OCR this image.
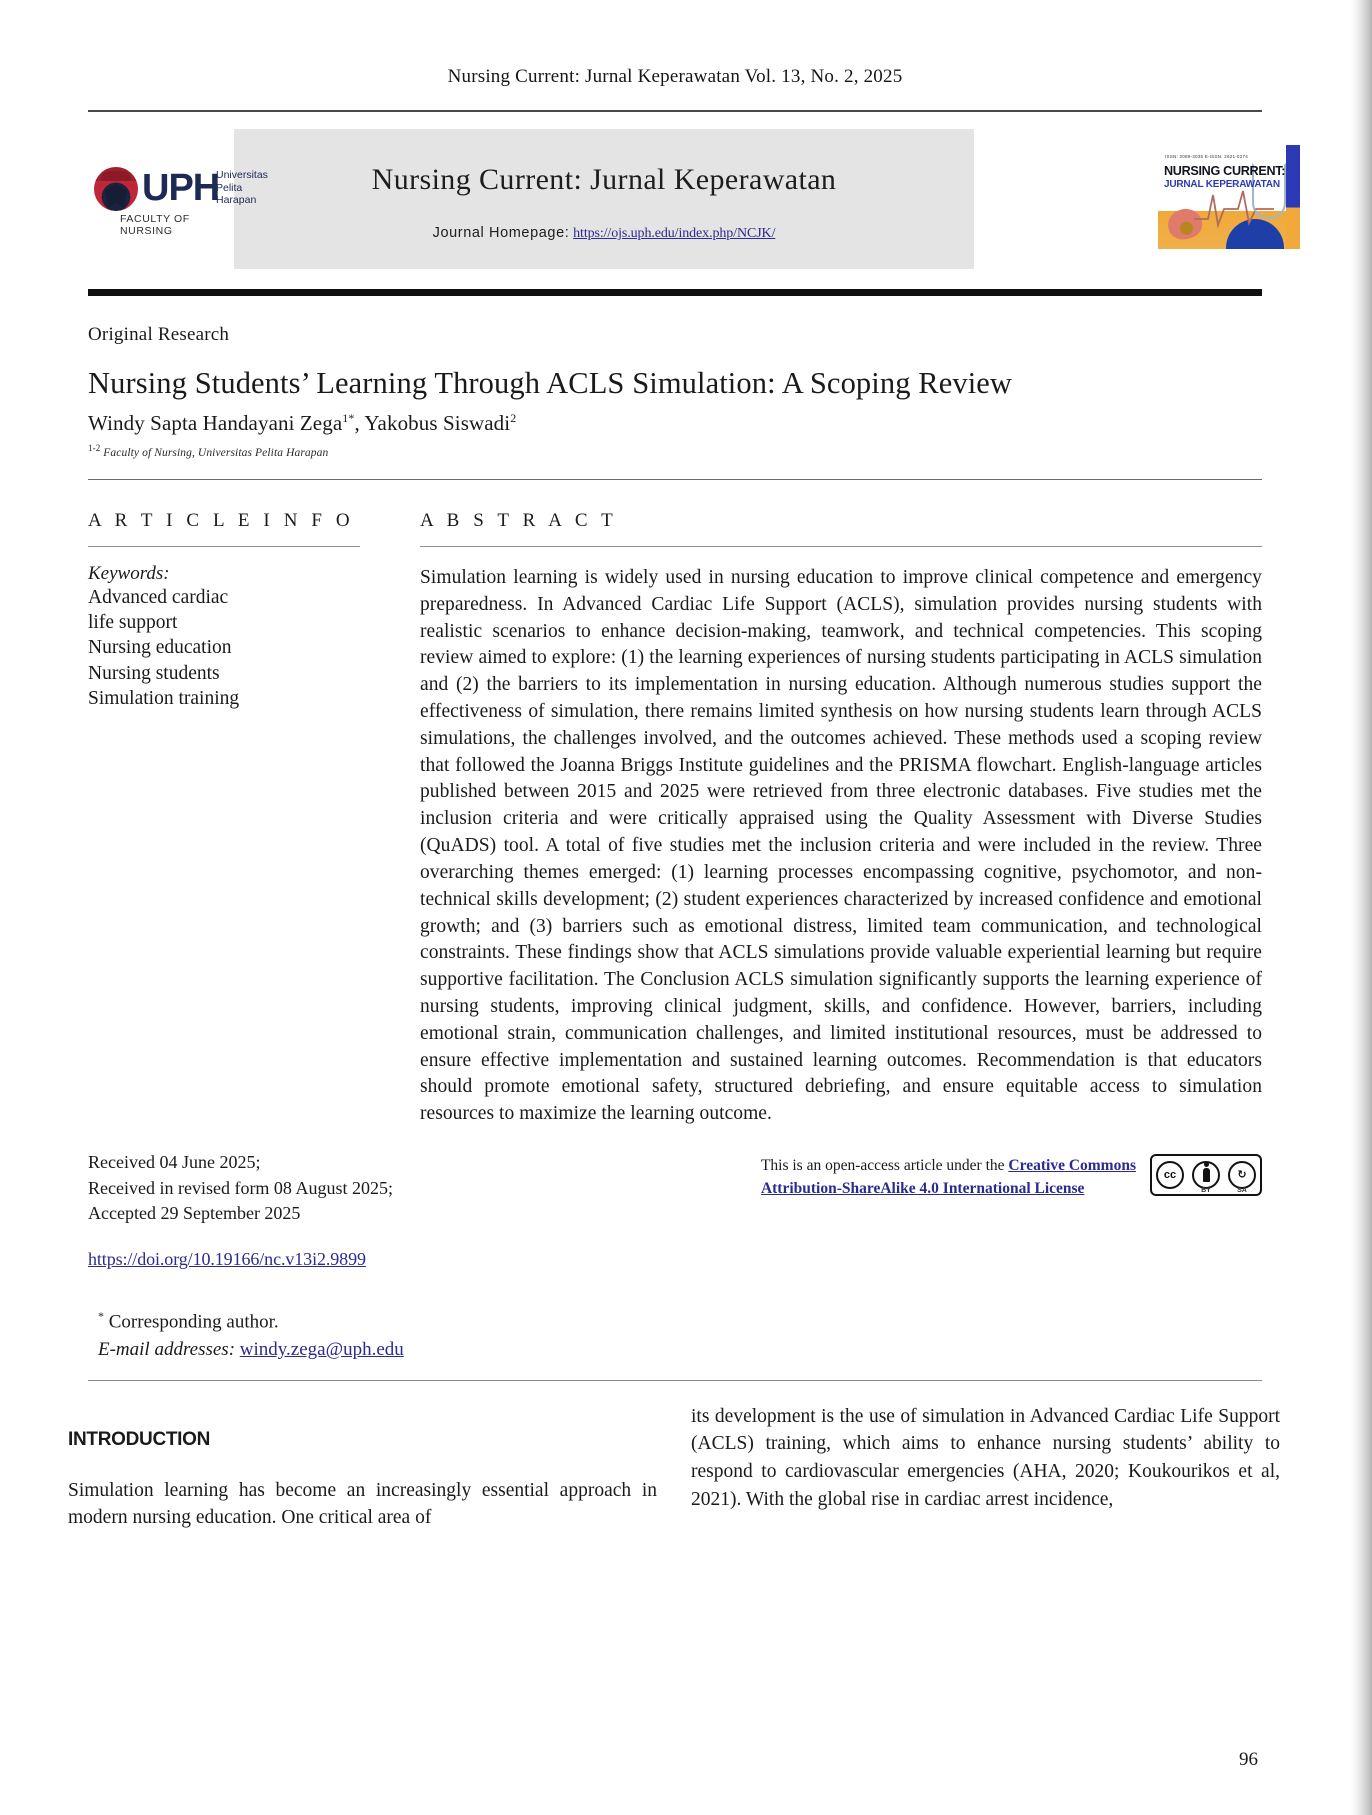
Nursing Current: Jurnal Keperawatan Vol. 13, No. 2, 2025
UPH
Universitas
Pelita
Harapan
FACULTY OF NURSING
Nursing Current: Jurnal Keperawatan
Journal Homepage: https://ojs.uph.edu/index.php/NCJK/
ISSN: 2089-3035 E-ISSN: 2621-0274
NURSING CURRENT:
JURNAL KEPERAWATAN
Original Research
Nursing Students’ Learning Through ACLS Simulation: A Scoping Review
Windy Sapta Handayani Zega$^{1*}$, Yakobus Siswadi$^2$
$^{1-2}$ Faculty of Nursing, Universitas Pelita Harapan
A R T I C L E I N F O
Keywords:
Advanced cardiac
life support
Nursing education
Nursing students
Simulation training
A B S T R A C T
Simulation learning is widely used in nursing education to improve clinical competence and emergency preparedness. In Advanced Cardiac Life Support (ACLS), simulation provides nursing students with realistic scenarios to enhance decision-making, teamwork, and technical competencies. This scoping review aimed to explore: (1) the learning experiences of nursing students participating in ACLS simulation and (2) the barriers to its implementation in nursing education. Although numerous studies support the effectiveness of simulation, there remains limited synthesis on how nursing students learn through ACLS simulations, the challenges involved, and the outcomes achieved. These methods used a scoping review that followed the Joanna Briggs Institute guidelines and the PRISMA flowchart. English-language articles published between 2015 and 2025 were retrieved from three electronic databases. Five studies met the inclusion criteria and were critically appraised using the Quality Assessment with Diverse Studies (QuADS) tool. A total of five studies met the inclusion criteria and were included in the review. Three overarching themes emerged: (1) learning processes encompassing cognitive, psychomotor, and non-technical skills development; (2) student experiences characterized by increased confidence and emotional growth; and (3) barriers such as emotional distress, limited team communication, and technological constraints. These findings show that ACLS simulations provide valuable experiential learning but require supportive facilitation. The Conclusion ACLS simulation significantly supports the learning experience of nursing students, improving clinical judgment, skills, and confidence. However, barriers, including emotional strain, communication challenges, and limited institutional resources, must be addressed to ensure effective implementation and sustained learning outcomes. Recommendation is that educators should promote emotional safety, structured debriefing, and ensure equitable access to simulation resources to maximize the learning outcome.
Received 04 June 2025;
Received in revised form 08 August 2025;
Accepted 29 September 2025
https://doi.org/10.19166/nc.v13i2.9899
This is an open-access article under the Creative Commons
Attribution-ShareAlike 4.0 International License
cc
BY
↻
SA
* Corresponding author.
E-mail addresses: windy.zega@uph.edu
INTRODUCTION
Simulation learning has become an increasingly essential approach in modern nursing education. One critical area of
its development is the use of simulation in Advanced Cardiac Life Support (ACLS) training, which aims to enhance nursing students’ ability to respond to cardiovascular emergencies (AHA, 2020; Koukourikos et al, 2021). With the global rise in cardiac arrest incidence,
96
